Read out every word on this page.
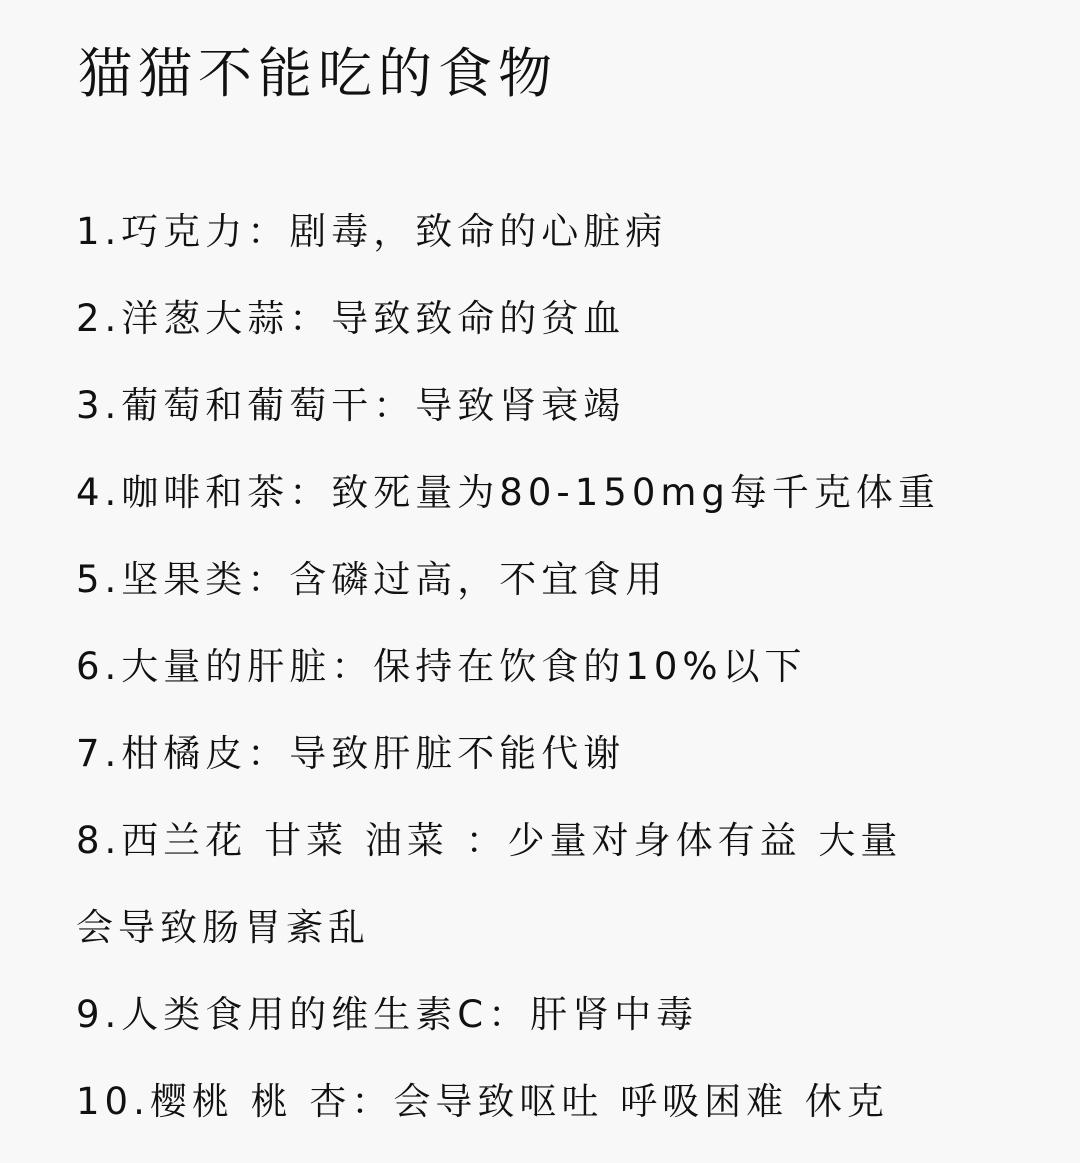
猫猫不能吃的食物
1.巧克力：剧毒，致命的心脏病
2.洋葱大蒜：导致致命的贫血
3.葡萄和葡萄干：导致肾衰竭
4.咖啡和茶：致死量为80-150mg每千克体重
5.坚果类：含磷过高，不宜食用
6.大量的肝脏：保持在饮食的10%以下
7.柑橘皮：导致肝脏不能代谢
8.西兰花 甘菜 油菜 ：少量对身体有益 大量
会导致肠胃紊乱
9.人类食用的维生素C：肝肾中毒
10.樱桃 桃 杏：会导致呕吐 呼吸困难 休克
